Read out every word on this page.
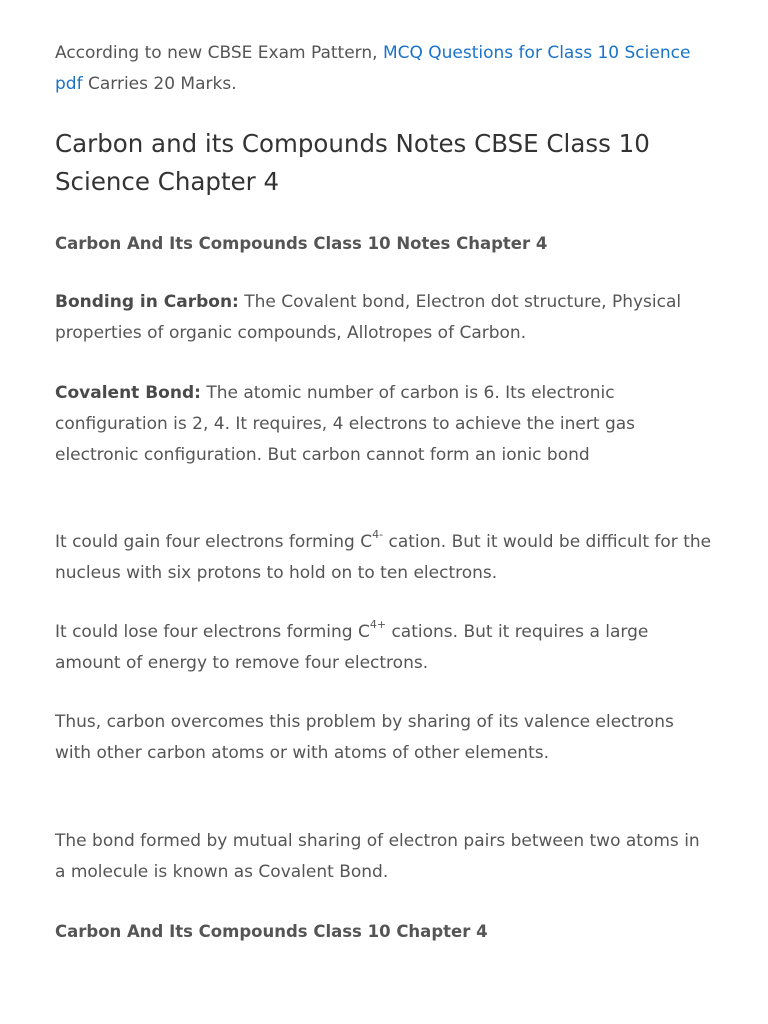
According to new CBSE Exam Pattern, MCQ Questions for Class 10 Science pdf Carries 20 Marks.

Carbon and its Compounds Notes CBSE Class 10 Science Chapter 4
Carbon And Its Compounds Class 10 Notes Chapter 4

Bonding in Carbon: The Covalent bond, Electron dot structure, Physical properties of organic compounds, Allotropes of Carbon.

Covalent Bond: The atomic number of carbon is 6. Its electronic configuration is 2, 4. It requires, 4 electrons to achieve the inert gas electronic configuration. But carbon cannot form an ionic bond

It could gain four electrons forming $C^{4-}$ cation. But it would be difficult for the nucleus with six protons to hold on to ten electrons.

It could lose four electrons forming $C^{4+}$ cations. But it requires a large amount of energy to remove four electrons.

Thus, carbon overcomes this problem by sharing of its valence electrons with other carbon atoms or with atoms of other elements.

The bond formed by mutual sharing of electron pairs between two atoms in a molecule is known as Covalent Bond.

Carbon And Its Compounds Class 10 Chapter 4
